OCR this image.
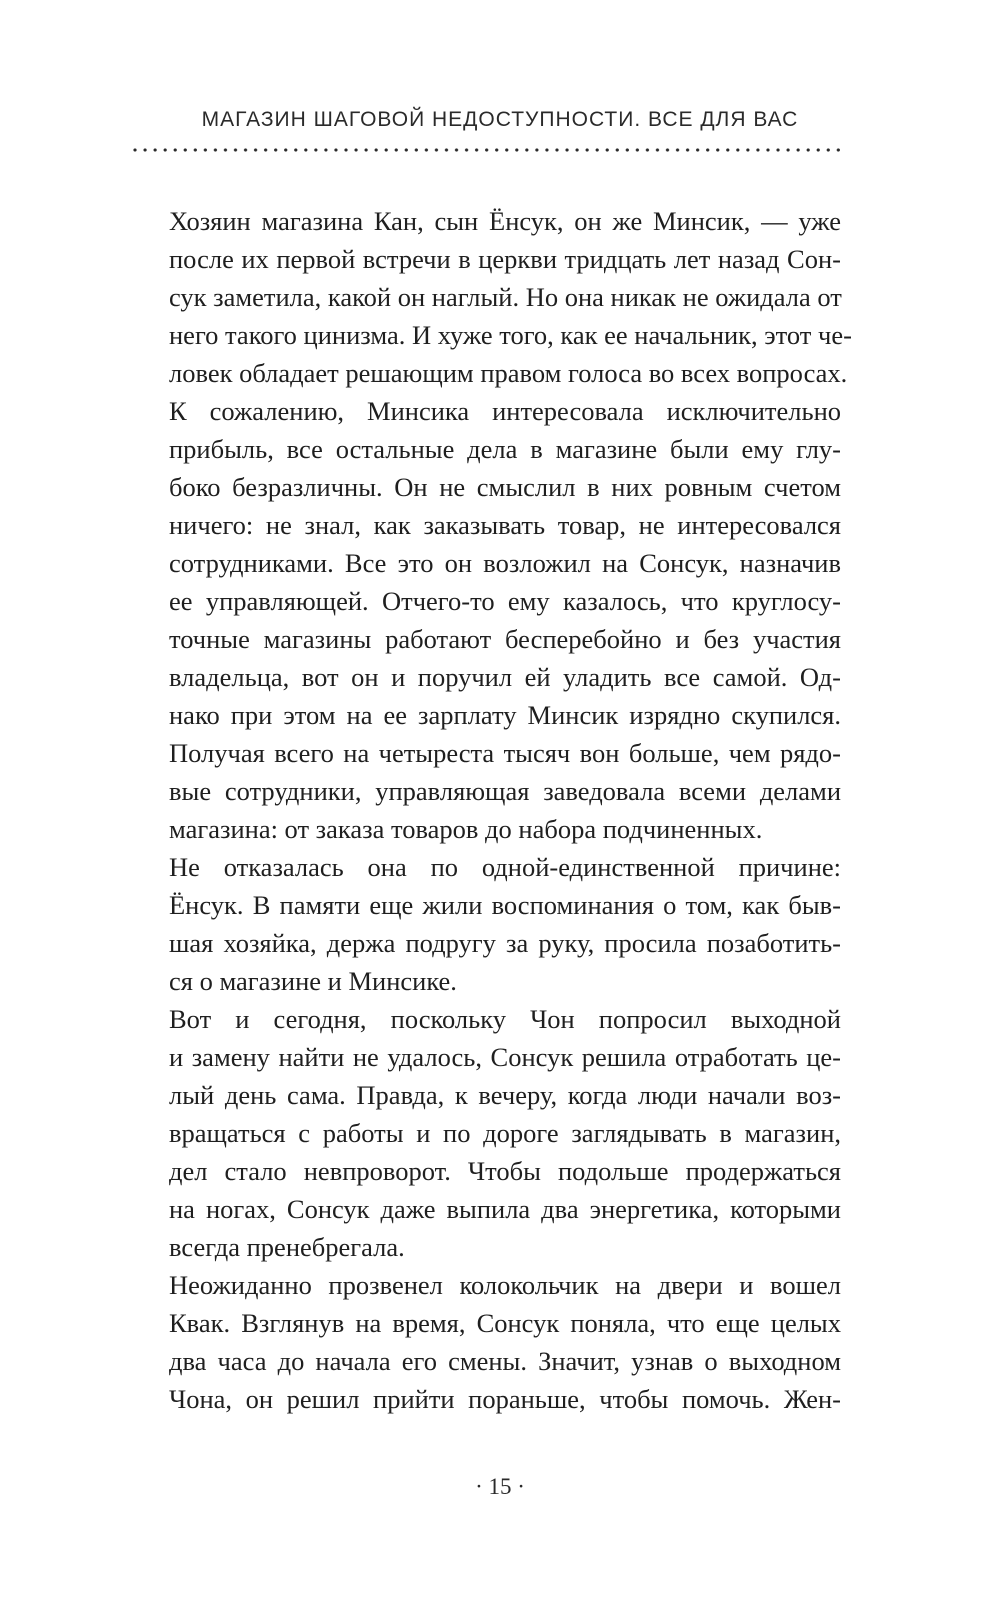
МАГАЗИН ШАГОВОЙ НЕДОСТУПНОСТИ. ВСЕ ДЛЯ ВАС

Хозяин магазина Кан, сын Ёнсук, он же Минсик, — уже
после их первой встречи в церкви тридцать лет назад Сон-
сук заметила, какой он наглый. Но она никак не ожидала от
него такого цинизма. И хуже того, как ее начальник, этот че-
ловек обладает решающим правом голоса во всех вопросах.

К сожалению, Минсика интересовала исключительно
прибыль, все остальные дела в магазине были ему глу-
боко безразличны. Он не смыслил в них ровным счетом
ничего: не знал, как заказывать товар, не интересовался
сотрудниками. Все это он возложил на Сонсук, назначив
ее управляющей. Отчего-то ему казалось, что круглосу-
точные магазины работают бесперебойно и без участия
владельца, вот он и поручил ей уладить все самой. Од-
нако при этом на ее зарплату Минсик изрядно скупился.
Получая всего на четыреста тысяч вон больше, чем рядо-
вые сотрудники, управляющая заведовала всеми делами
магазина: от заказа товаров до набора подчиненных.

Не отказалась она по одной-единственной причине:
Ёнсук. В памяти еще жили воспоминания о том, как быв-
шая хозяйка, держа подругу за руку, просила позаботить-
ся о магазине и Минсике.

Вот и сегодня, поскольку Чон попросил выходной
и замену найти не удалось, Сонсук решила отработать це-
лый день сама. Правда, к вечеру, когда люди начали воз-
вращаться с работы и по дороге заглядывать в магазин,
дел стало невпроворот. Чтобы подольше продержаться
на ногах, Сонсук даже выпила два энергетика, которыми
всегда пренебрегала.

Неожиданно прозвенел колокольчик на двери и вошел
Квак. Взглянув на время, Сонсук поняла, что еще целых
два часа до начала его смены. Значит, узнав о выходном
Чона, он решил прийти пораньше, чтобы помочь. Жен-

· 15 ·
